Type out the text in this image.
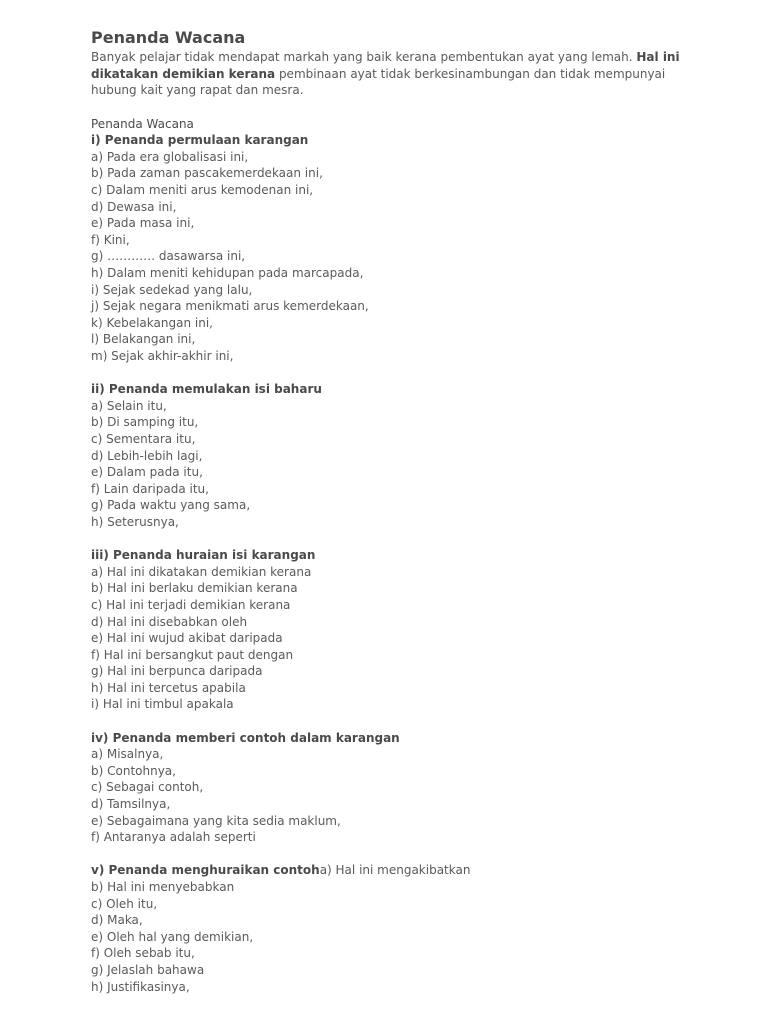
Penanda Wacana

Banyak pelajar tidak mendapat markah yang baik kerana pembentukan ayat yang lemah. Hal ini dikatakan demikian kerana pembinaan ayat tidak berkesinambungan dan tidak mempunyai hubung kait yang rapat dan mesra.

Penanda Wacana

i) Penanda permulaan karangan

a) Pada era globalisasi ini,

b) Pada zaman pascakemerdekaan ini,

c) Dalam meniti arus kemodenan ini,

d) Dewasa ini,

e) Pada masa ini,

f) Kini,

g) ………… dasawarsa ini,

h) Dalam meniti kehidupan pada marcapada,

i) Sejak sedekad yang lalu,

j) Sejak negara menikmati arus kemerdekaan,

k) Kebelakangan ini,

l) Belakangan ini,

m) Sejak akhir-akhir ini,

ii) Penanda memulakan isi baharu

a) Selain itu,

b) Di samping itu,

c) Sementara itu,

d) Lebih-lebih lagi,

e) Dalam pada itu,

f) Lain daripada itu,

g) Pada waktu yang sama,

h) Seterusnya,

iii) Penanda huraian isi karangan

a) Hal ini dikatakan demikian kerana

b) Hal ini berlaku demikian kerana

c) Hal ini terjadi demikian kerana

d) Hal ini disebabkan oleh

e) Hal ini wujud akibat daripada

f) Hal ini bersangkut paut dengan

g) Hal ini berpunca daripada

h) Hal ini tercetus apabila

i) Hal ini timbul apakala

iv) Penanda memberi contoh dalam karangan

a) Misalnya,

b) Contohnya,

c) Sebagai contoh,

d) Tamsilnya,

e) Sebagaimana yang kita sedia maklum,

f) Antaranya adalah seperti

v) Penanda menghuraikan contoha) Hal ini mengakibatkan

b) Hal ini menyebabkan

c) Oleh itu,

d) Maka,

e) Oleh hal yang demikian,

f) Oleh sebab itu,

g) Jelaslah bahawa

h) Justifikasinya,
